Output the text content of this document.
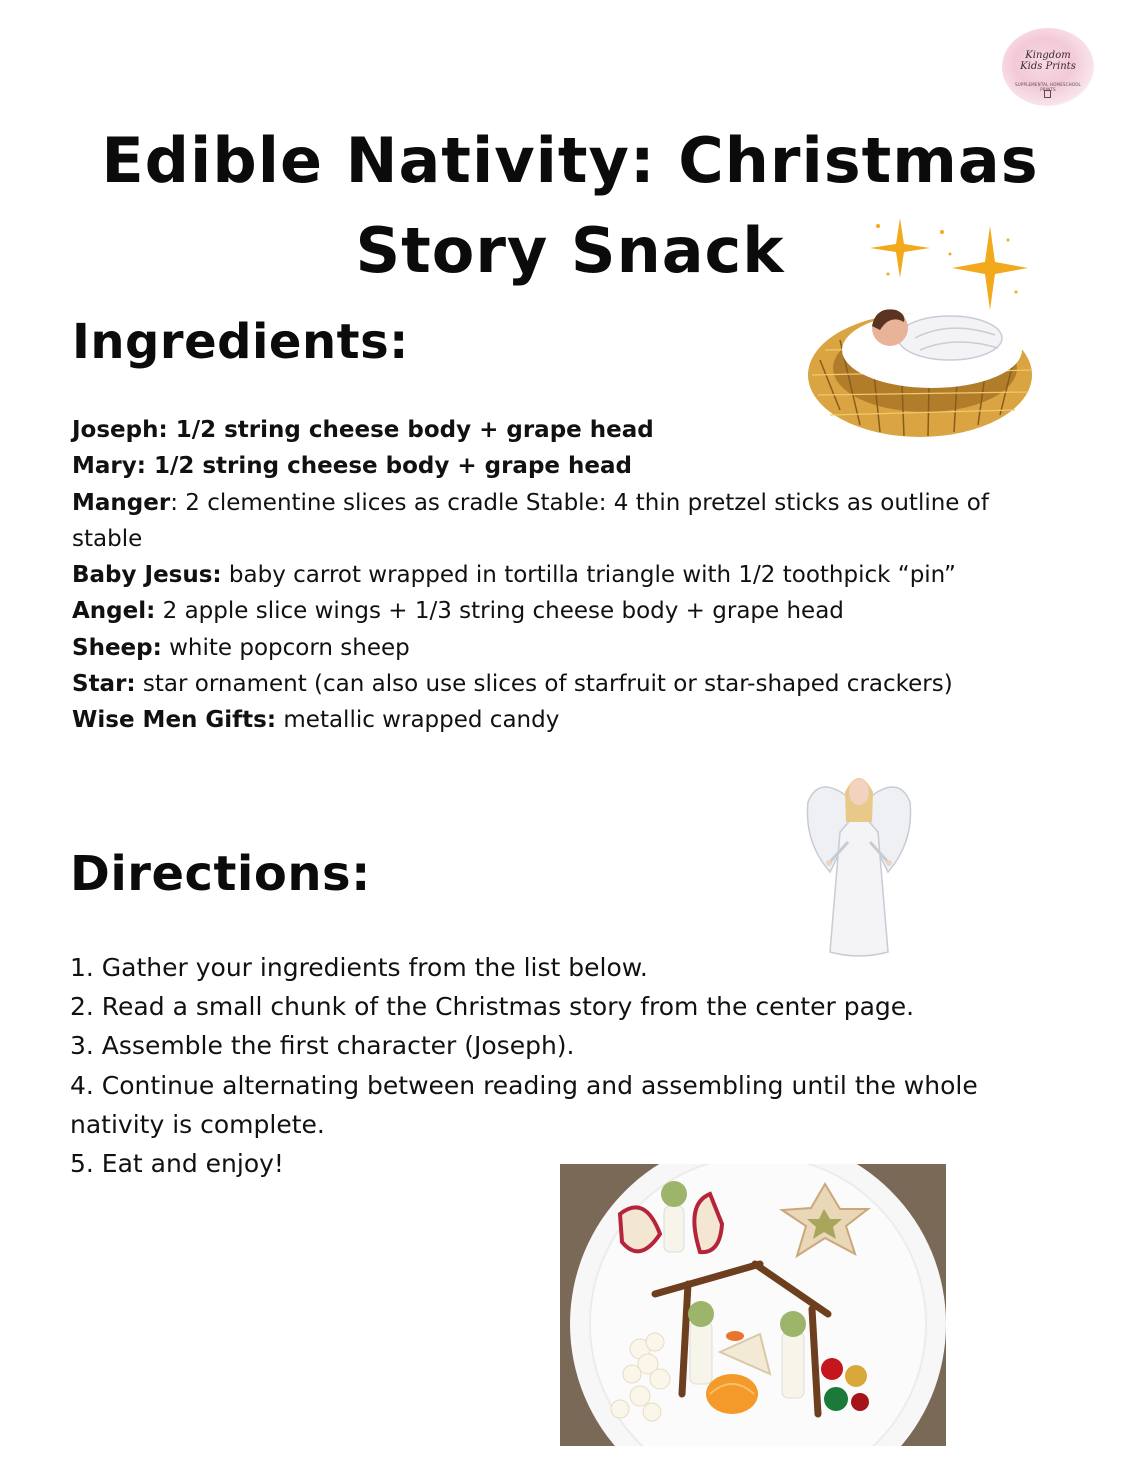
Kingdom Kids Prints
SUPPLEMENTAL HOMESCHOOL PRINTS
Edible Nativity: Christmas
Story Snack
Ingredients:

Joseph: 1/2 string cheese body + grape head

Mary: 1/2 string cheese body + grape head

Manger: 2 clementine slices as cradle Stable: 4 thin pretzel sticks as outline of stable

Baby Jesus: baby carrot wrapped in tortilla triangle with 1/2 toothpick “pin”

Angel: 2 apple slice wings + 1/3 string cheese body + grape head

Sheep: white popcorn sheep

Star: star ornament (can also use slices of starfruit or star-shaped crackers)

Wise Men Gifts: metallic wrapped candy

Directions:

1. Gather your ingredients from the list below.

2. Read a small chunk of the Christmas story from the center page.

3. Assemble the first character (Joseph).

4. Continue alternating between reading and assembling until the whole nativity is complete.

5. Eat and enjoy!
